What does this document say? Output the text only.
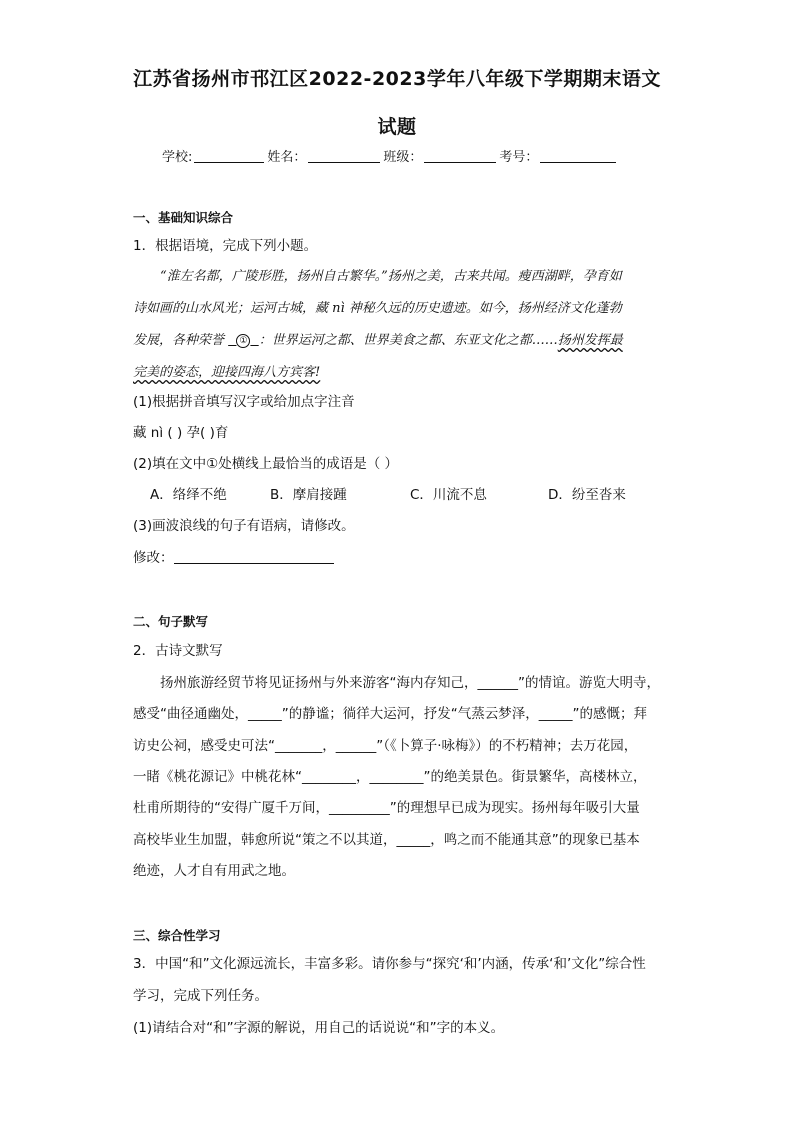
江苏省扬州市邗江区2022-2023学年八年级下学期期末语文
试题
学校:	姓名：	班级：	考号：
一、基础知识综合
1．根据语境，完成下列小题。
“淮左名都，广陵形胜，扬州自古繁华。”扬州之美，古来共闻。瘦西湖畔，孕育如
诗如画的山水风光；运河古城，藏 nì 神秘久远的历史遗迹。如今，扬州经济文化蓬勃
发展，各种荣誉 ① ：世界运河之都、世界美食之都、东亚文化之都……扬州发挥最
完美的姿态，迎接四海八方宾客!
(1)根据拼音填写汉字或给加点字注音
藏 nì ( ) 孕( )育
(2)填在文中①处横线上最恰当的成语是（ ）
A．络绎不绝	B．摩肩接踵	C．川流不息	D．纷至沓来
(3)画波浪线的句子有语病，请修改。
修改：
二、句子默写
2．古诗文默写
扬州旅游经贸节将见证扬州与外来游客“海内存知己，______”的情谊。游览大明寺，
感受“曲径通幽处，_____”的静谧；徜徉大运河，抒发“气蒸云梦泽，_____”的感慨；拜
访史公祠，感受史可法“_______，______”（《卜算子·咏梅》）的不朽精神；去万花园，
一睹《桃花源记》中桃花林“________，________”的绝美景色。街景繁华，高楼林立，
杜甫所期待的“安得广厦千万间，_________”的理想早已成为现实。扬州每年吸引大量
高校毕业生加盟，韩愈所说“策之不以其道，_____，鸣之而不能通其意”的现象已基本
绝迹，人才自有用武之地。
三、综合性学习
3．中国“和”文化源远流长，丰富多彩。请你参与“探究‘和’内涵，传承‘和’文化”综合性
学习，完成下列任务。
(1)请结合对“和”字源的解说，用自己的话说说“和”字的本义。
